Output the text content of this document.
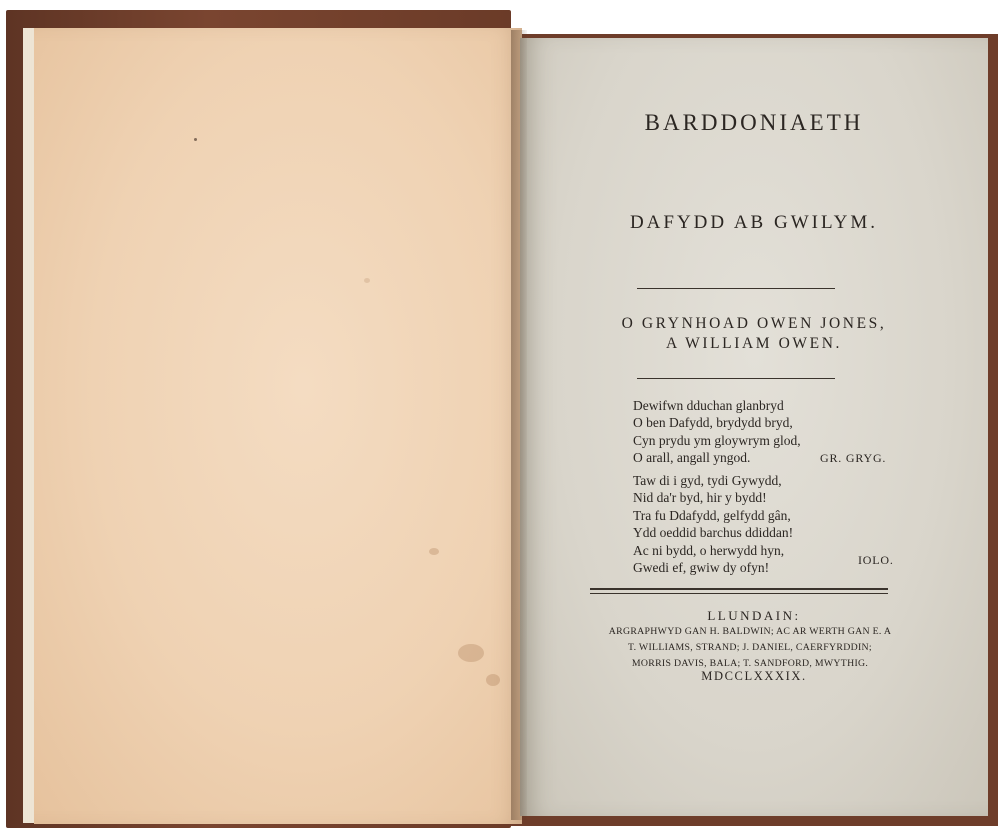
BARDDONIAETH
DAFYDD AB GWILYM.
O GRYNHOAD OWEN JONES,
A WILLIAM OWEN.
Dewifwn dduchan glanbryd
O ben Dafydd, brydydd bryd,
Cyn prydu ym gloywrym glod,
O arall, angall yngod.	GR. GRYG.
Taw di i gyd, tydi Gywydd,
Nid da'r byd, hir y bydd!
Tra fu Ddafydd, gelfydd gân,
Ydd oeddid barchus ddiddan!
Ac ni bydd, o herwydd hyn,
Gwedi ef, gwiw dy ofyn!
IOLO.
LLUNDAIN:
ARGRAPHWYD GAN H. BALDWIN; AC AR WERTH GAN E. A
T. WILLIAMS, STRAND; J. DANIEL, CAERFYRDDIN;
MORRIS DAVIS, BALA; T. SANDFORD, MWYTHIG.
MDCCLXXXIX.
